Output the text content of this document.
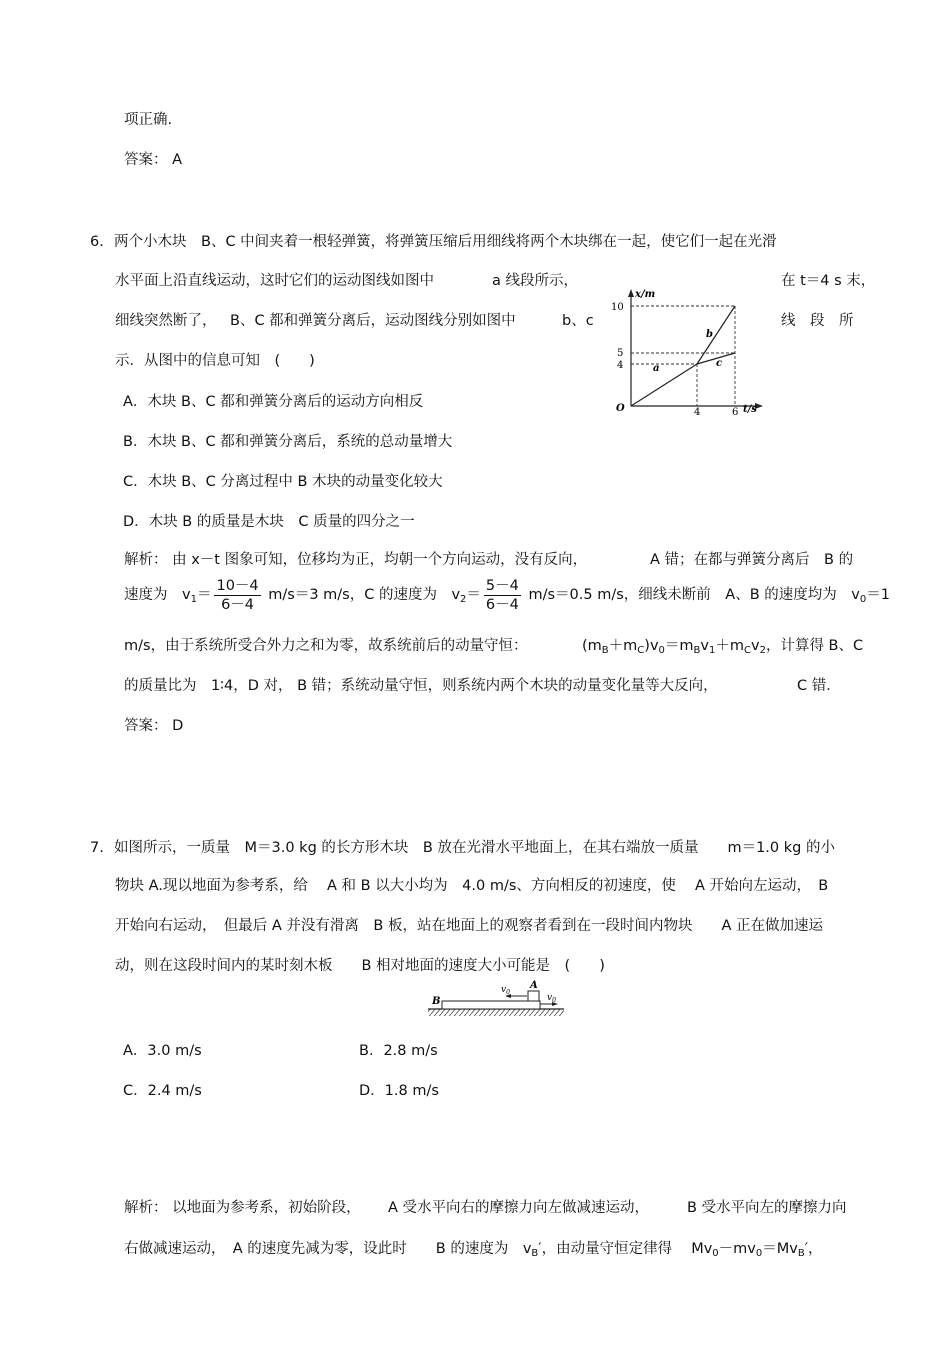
项正确.
答案： A
6. 两个小木块　B、C 中间夹着一根轻弹簧，将弹簧压缩后用细线将两个木块绑在一起，使它们一起在光滑
水平面上沿直线运动，这时它们的运动图线如图中	a 线段所示，	在 t＝4 s 末，
细线突然断了， B、C 都和弹簧分离后，运动图线分别如图中	b、c	线　段　所
示．从图中的信息可知　(　　)
x/m
t/s
O
10
5
4
4	6
a
b
c
A．木块 B、C 都和弹簧分离后的运动方向相反
B．木块 B、C 都和弹簧分离后，系统的总动量增大
C．木块 B、C 分离过程中 B 木块的动量变化较大
D．木块 B 的质量是木块　C 质量的四分之一
解析： 由 x－t 图象可知，位移均为正，均朝一个方向运动，没有反向，	A 错；在都与弹簧分离后　B 的
速度为　$v_1= \frac{10-4}{6-4} m/s=3$ m/s，C 的速度为　$v_2= \frac{5-4}{6-4} m/s=0.5$ m/s，细线未断前　A、B 的速度均为　$v_0=1$
m/s，由于系统所受合外力之和为零，故系统前后的动量守恒：	$(m_B+m_C)v_0=m_Bv_1+m_Cv_2$，计算得 B、C
的质量比为　1∶4，D 对， B 错；系统动量守恒，则系统内两个木块的动量变化量等大反向，	C 错．
答案： D
7. 如图所示，一质量　M＝3.0 kg 的长方形木块　B 放在光滑水平地面上，在其右端放一质量　　m＝1.0 kg 的小
物块 A.现以地面为参考系，给　 A 和 B 以大小均为　4.0 m/s、方向相反的初速度，使　 A 开始向左运动，　B
开始向右运动，　但最后 A 并没有滑离　B 板，站在地面上的观察者看到在一段时间内物块　　A 正在做加速运
动，则在这段时间内的某时刻木板　　B 相对地面的速度大小可能是　(　　)
B
A
$v_0$
$v_0$
A．3.0 m/s	B．2.8 m/s
C．2.4 m/s	D．1.8 m/s
解析： 以地面为参考系，初始阶段， A 受水平向右的摩擦力向左做减速运动，	B 受水平向左的摩擦力向
右做减速运动，　A 的速度先减为零，设此时　　B 的速度为　$v_B'$，由动量守恒定律得　 $Mv_0-mv_0=Mv_B'$，
